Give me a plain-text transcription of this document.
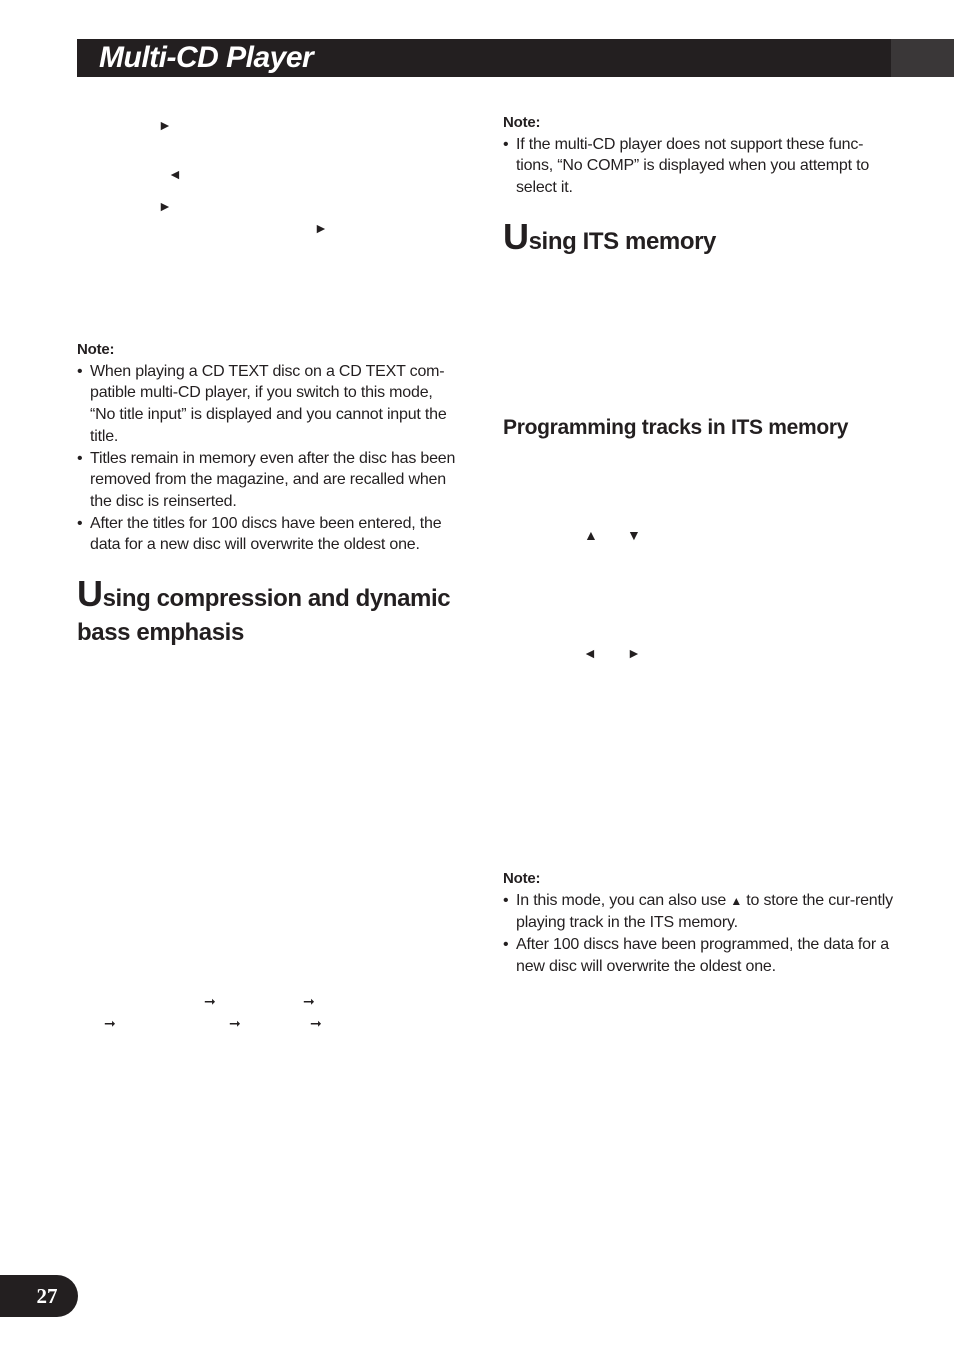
Multi-CD Player
►
◄
►
►
Note:
• When playing a CD TEXT disc on a CD TEXT com-patible multi-CD player, if you switch to this mode, “No title input” is displayed and you cannot input the title.
• Titles remain in memory even after the disc has been removed from the magazine, and are recalled when the disc is reinserted.
• After the titles for 100 discs have been entered, the data for a new disc will overwrite the oldest one.
Using compression and dynamic bass emphasis
➞	➞
➞	➞	➞
Note:
• If the multi-CD player does not support these func-tions, “No COMP” is displayed when you attempt to select it.
Using ITS memory
Programming tracks in ITS memory
▲ ▼
◄ ►
Note:
• In this mode, you can also use ▲ to store the cur-rently playing track in the ITS memory.
• After 100 discs have been programmed, the data for a new disc will overwrite the oldest one.
27
